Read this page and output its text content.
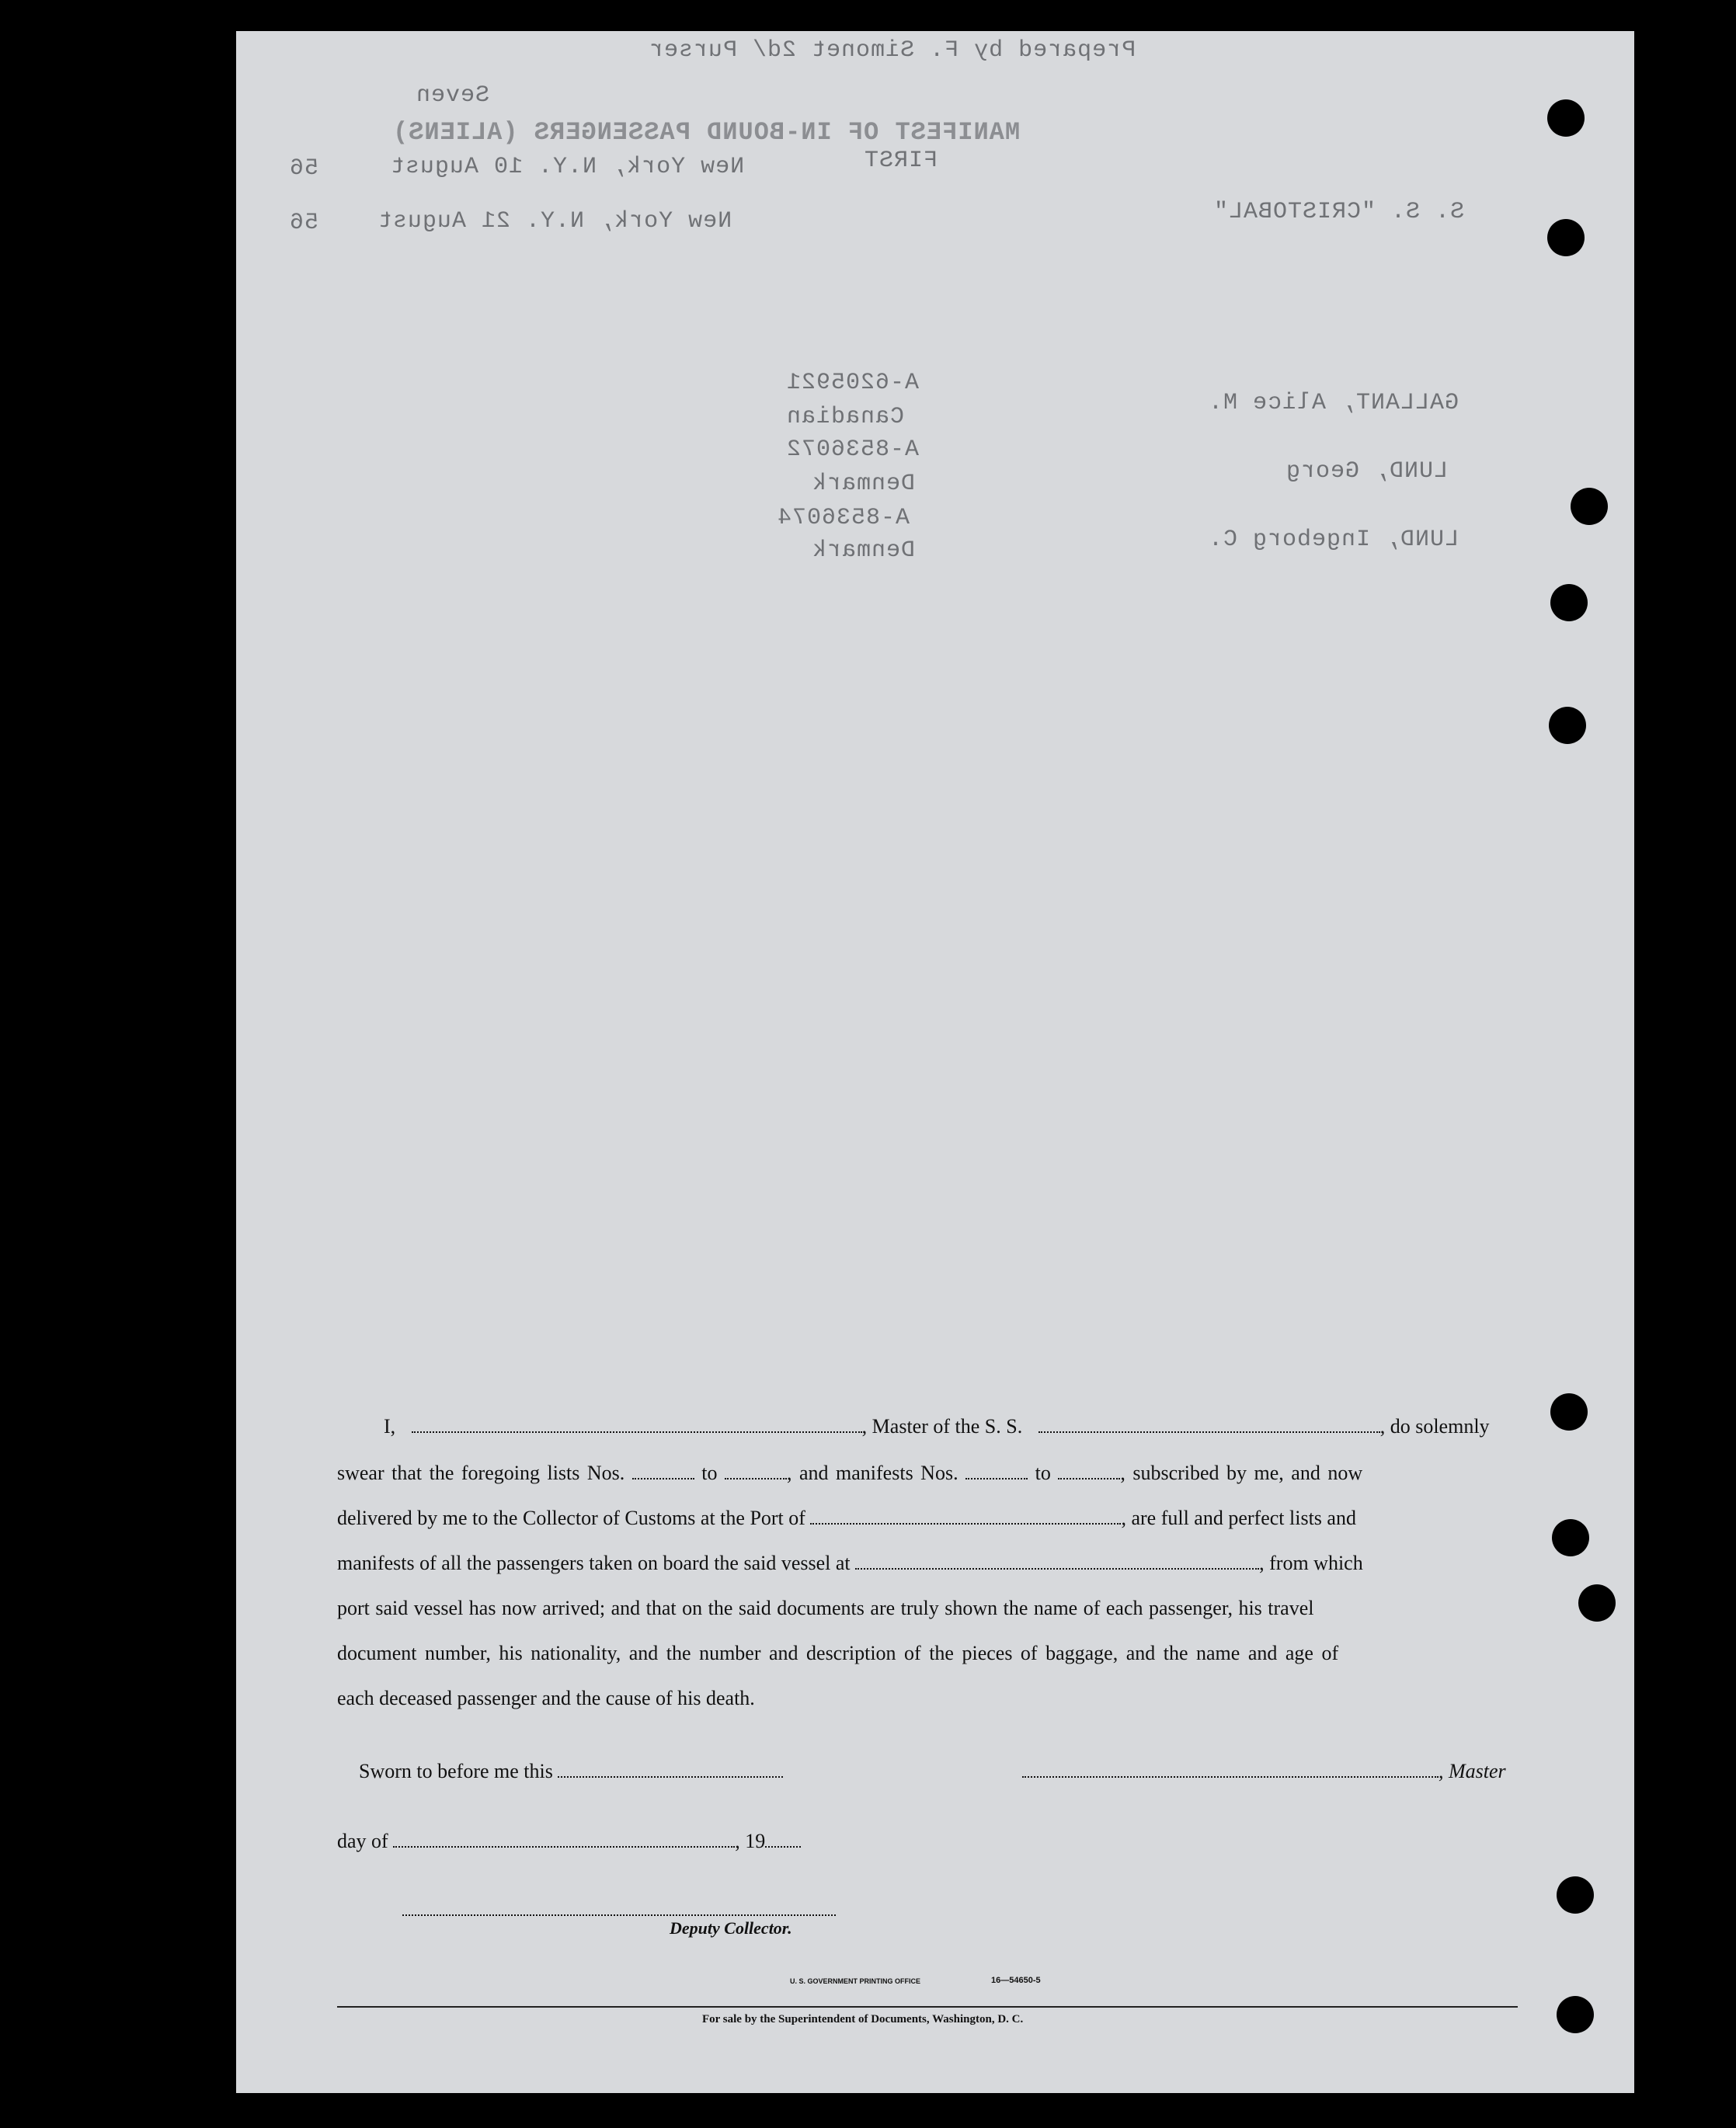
Prepared by F. Simonet 2d/ Purser
Seven
MANIFEST OF IN-BOUND PASSENGERS (ALIENS)
FIRST
New York, N.Y. 10 August
56
S. S. "CRISTOBAL"
New York, N.Y. 21 August
56
GALLANT, Alice M.
A-6205921
Canadian
LUND, Georg
A-8536072
Denmark
LUND, Ingeborg C.
A-8536074
Denmark
I,	, Master of the S. S.	, do solemnly
swear that the foregoing lists Nos.	to	, and manifests Nos.	to	, subscribed by me, and now
delivered by me to the Collector of Customs at the Port of	, are full and perfect lists and
manifests of all the passengers taken on board the said vessel at	, from which
port said vessel has now arrived; and that on the said documents are truly shown the name of each passenger, his travel
document number, his nationality, and the number and description of the pieces of baggage, and the name and age of
each deceased passenger and the cause of his death.
Sworn to before me this	, Master
day of	, 19
Deputy Collector.
U. S. GOVERNMENT PRINTING OFFICE	16—54650-5
For sale by the Superintendent of Documents, Washington, D. C.
